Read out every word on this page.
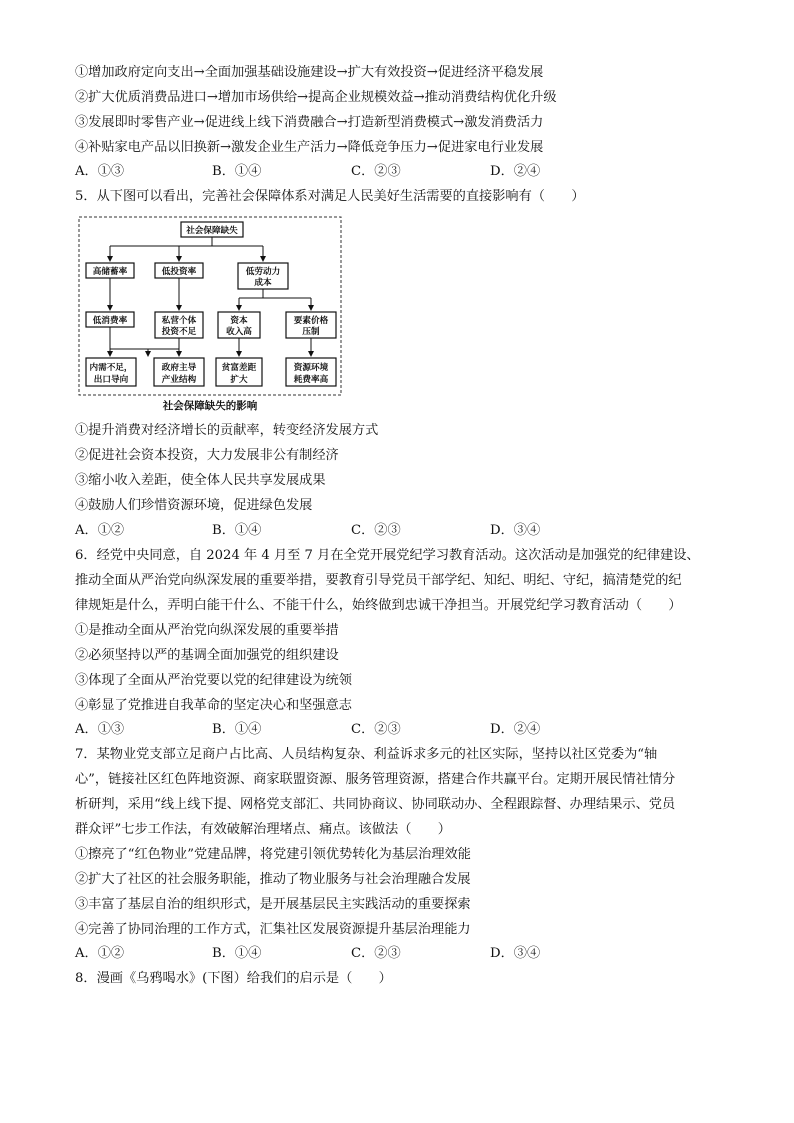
①增加政府定向支出→全面加强基础设施建设→扩大有效投资→促进经济平稳发展
②扩大优质消费品进口→增加市场供给→提高企业规模效益→推动消费结构优化升级
③发展即时零售产业→促进线上线下消费融合→打造新型消费模式→激发消费活力
④补贴家电产品以旧换新→激发企业生产活力→降低竞争压力→促进家电行业发展
A．①③	B．①④	C．②③	D．②④
5．从下图可以看出，完善社会保障体系对满足人民美好生活需要的直接影响有（　　）
社会保障缺失
高储蓄率	低投资率	低劳动力
成本
低消费率	私营个体
投资不足
资本
收入高
要素价格
压制
内需不足，
出口导向
政府主导
产业结构
贫富差距
扩大
资源环境
耗费率高
社会保障缺失的影响
①提升消费对经济增长的贡献率，转变经济发展方式
②促进社会资本投资，大力发展非公有制经济
③缩小收入差距，使全体人民共享发展成果
④鼓励人们珍惜资源环境，促进绿色发展
A．①②	B．①④	C．②③	D．③④
6．经党中央同意，自 2024 年 4 月至 7 月在全党开展党纪学习教育活动。这次活动是加强党的纪律建设、
推动全面从严治党向纵深发展的重要举措，要教育引导党员干部学纪、知纪、明纪、守纪，搞清楚党的纪
律规矩是什么，弄明白能干什么、不能干什么，始终做到忠诚干净担当。开展党纪学习教育活动（　　）
①是推动全面从严治党向纵深发展的重要举措
②必须坚持以严的基调全面加强党的组织建设
③体现了全面从严治党要以党的纪律建设为统领
④彰显了党推进自我革命的坚定决心和坚强意志
A．①③	B．①④	C．②③	D．②④
7．某物业党支部立足商户占比高、人员结构复杂、利益诉求多元的社区实际，坚持以社区党委为“轴
心”，链接社区红色阵地资源、商家联盟资源、服务管理资源，搭建合作共赢平台。定期开展民情社情分
析研判，采用“线上线下提、网格党支部汇、共同协商议、协同联动办、全程跟踪督、办理结果示、党员
群众评”七步工作法，有效破解治理堵点、痛点。该做法（　　）
①擦亮了“红色物业”党建品牌，将党建引领优势转化为基层治理效能
②扩大了社区的社会服务职能，推动了物业服务与社会治理融合发展
③丰富了基层自治的组织形式，是开展基层民主实践活动的重要探索
④完善了协同治理的工作方式，汇集社区发展资源提升基层治理能力
A．①②	B．①④	C．②③	D．③④
8．漫画《乌鸦喝水》(下图）给我们的启示是（　　）
